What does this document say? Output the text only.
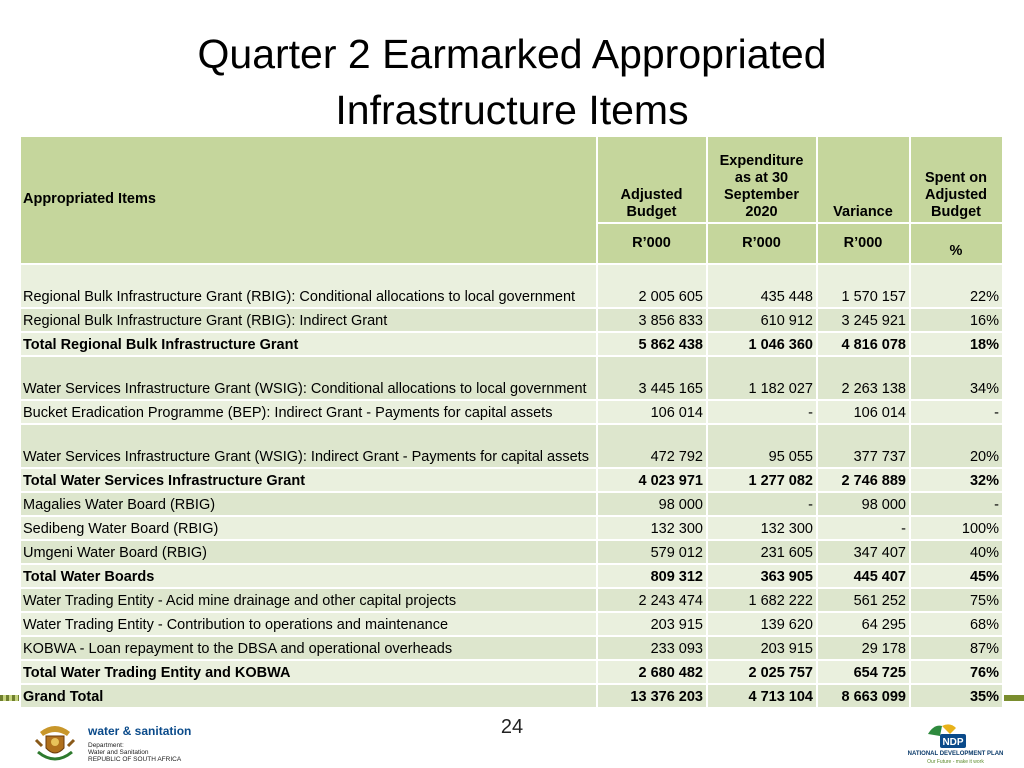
Quarter 2 Earmarked Appropriated
Infrastructure Items
water & sanitation
Department:
Water and Sanitation
REPUBLIC OF SOUTH AFRICA
24
NDP
NATIONAL DEVELOPMENT PLAN
Our Future - make it work
Appropriated Items	Adjusted Budget	Expenditure as at 30 September 2020	Variance	Spent on Adjusted Budget
	R’000	R’000	R’000	%
Regional Bulk Infrastructure Grant (RBIG): Conditional allocations to local government	2 005 605	435 448	1 570 157	22%
Regional Bulk Infrastructure Grant (RBIG): Indirect Grant	3 856 833	610 912	3 245 921	16%
Total Regional Bulk Infrastructure Grant	5 862 438	1 046 360	4 816 078	18%
Water Services Infrastructure Grant (WSIG): Conditional allocations to local government	3 445 165	1 182 027	2 263 138	34%
Bucket Eradication Programme (BEP): Indirect Grant - Payments for capital assets	106 014	-	106 014	-
Water Services Infrastructure Grant (WSIG): Indirect Grant - Payments for capital assets	472 792	95 055	377 737	20%
Total Water Services Infrastructure Grant	4 023 971	1 277 082	2 746 889	32%
Magalies Water Board (RBIG)	98 000	-	98 000	-
Sedibeng Water Board (RBIG)	132 300	132 300	-	100%
Umgeni Water Board (RBIG)	579 012	231 605	347 407	40%
Total Water Boards	809 312	363 905	445 407	45%
Water Trading Entity - Acid mine drainage and other capital projects	2 243 474	1 682 222	561 252	75%
Water Trading Entity - Contribution to operations and maintenance	203 915	139 620	64 295	68%
KOBWA - Loan repayment to the DBSA and operational overheads	233 093	203 915	29 178	87%
Total Water Trading Entity and KOBWA	2 680 482	2 025 757	654 725	76%
Grand Total	13 376 203	4 713 104	8 663 099	35%
